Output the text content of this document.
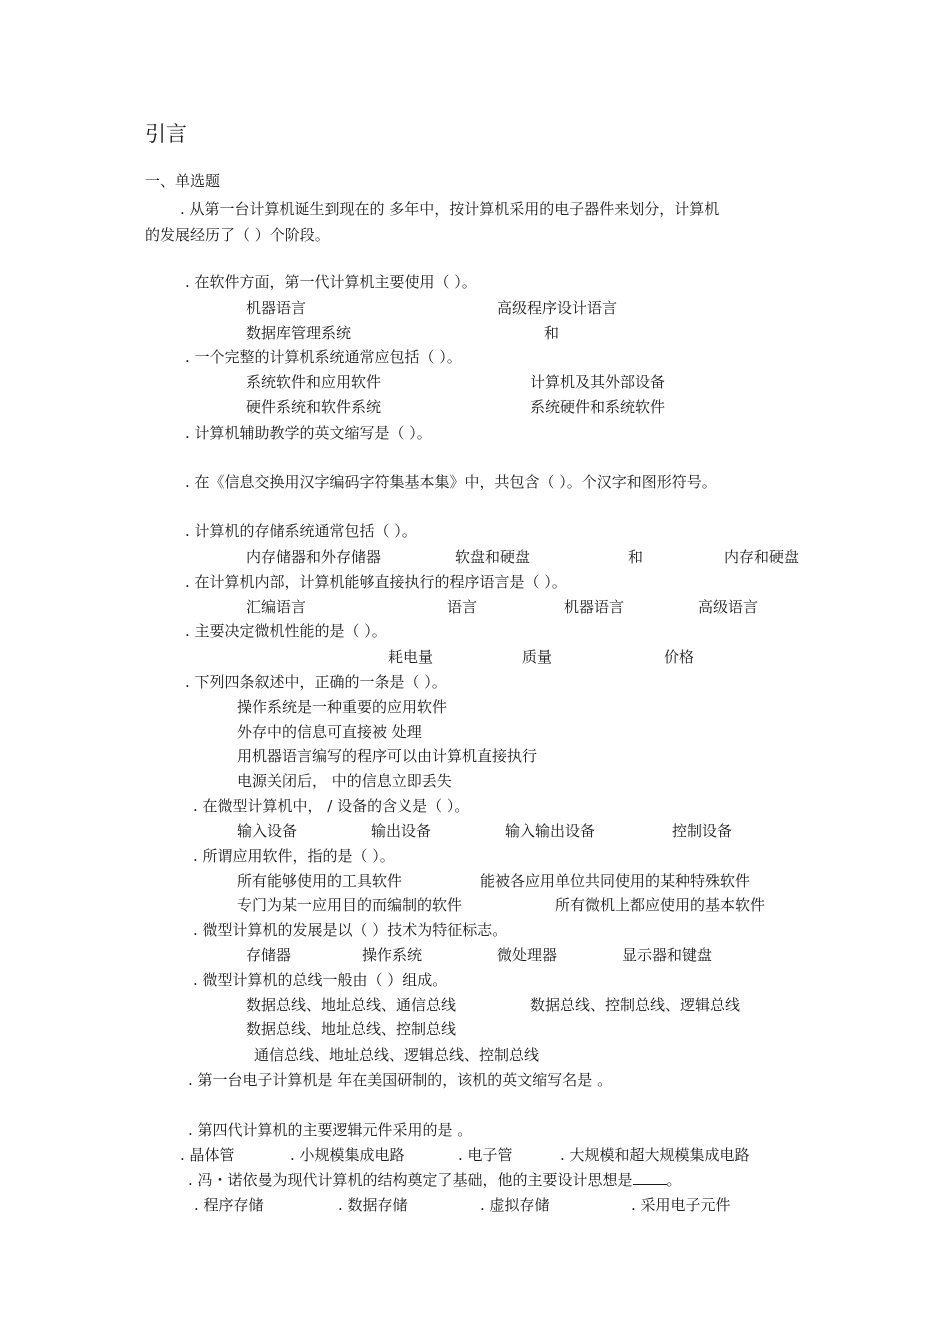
引言
一、单选题
. 从第一台计算机诞生到现在的 多年中，按计算机采用的电子器件来划分，计算机
的发展经历了（ ）个阶段。
. 在软件方面，第一代计算机主要使用（ ）。
机器语言	高级程序设计语言
数据库管理系统	和
. 一个完整的计算机系统通常应包括（ ）。
系统软件和应用软件	计算机及其外部设备
硬件系统和软件系统	系统硬件和系统软件
. 计算机辅助教学的英文缩写是（ ）。
. 在《信息交换用汉字编码字符集基本集》中，共包含（ ）。个汉字和图形符号。
. 计算机的存储系统通常包括（ ）。
内存储器和外存储器	软盘和硬盘	和	内存和硬盘
. 在计算机内部，计算机能够直接执行的程序语言是（ ）。
汇编语言	语言	机器语言	高级语言
. 主要决定微机性能的是（ ）。
耗电量	质量	价格
. 下列四条叙述中，正确的一条是（ ）。
操作系统是一种重要的应用软件
外存中的信息可直接被 处理
用机器语言编写的程序可以由计算机直接执行
电源关闭后， 中的信息立即丢失
. 在微型计算机中， / 设备的含义是（ ）。
输入设备	输出设备	输入输出设备	控制设备
. 所谓应用软件，指的是（ ）。
所有能够使用的工具软件	能被各应用单位共同使用的某种特殊软件
专门为某一应用目的而编制的软件	所有微机上都应使用的基本软件
. 微型计算机的发展是以（ ）技术为特征标志。
存储器	操作系统	微处理器	显示器和键盘
. 微型计算机的总线一般由（ ）组成。
数据总线、地址总线、通信总线	数据总线、控制总线、逻辑总线
数据总线、地址总线、控制总线
通信总线、地址总线、逻辑总线、控制总线
. 第一台电子计算机是 年在美国研制的，该机的英文缩写名是 。
. 第四代计算机的主要逻辑元件采用的是 。
. 晶体管	. 小规模集成电路	. 电子管	. 大规模和超大规模集成电路
. 冯・诺依曼为现代计算机的结构奠定了基础，他的主要设计思想是 。
. 程序存储	. 数据存储	. 虚拟存储	. 采用电子元件
